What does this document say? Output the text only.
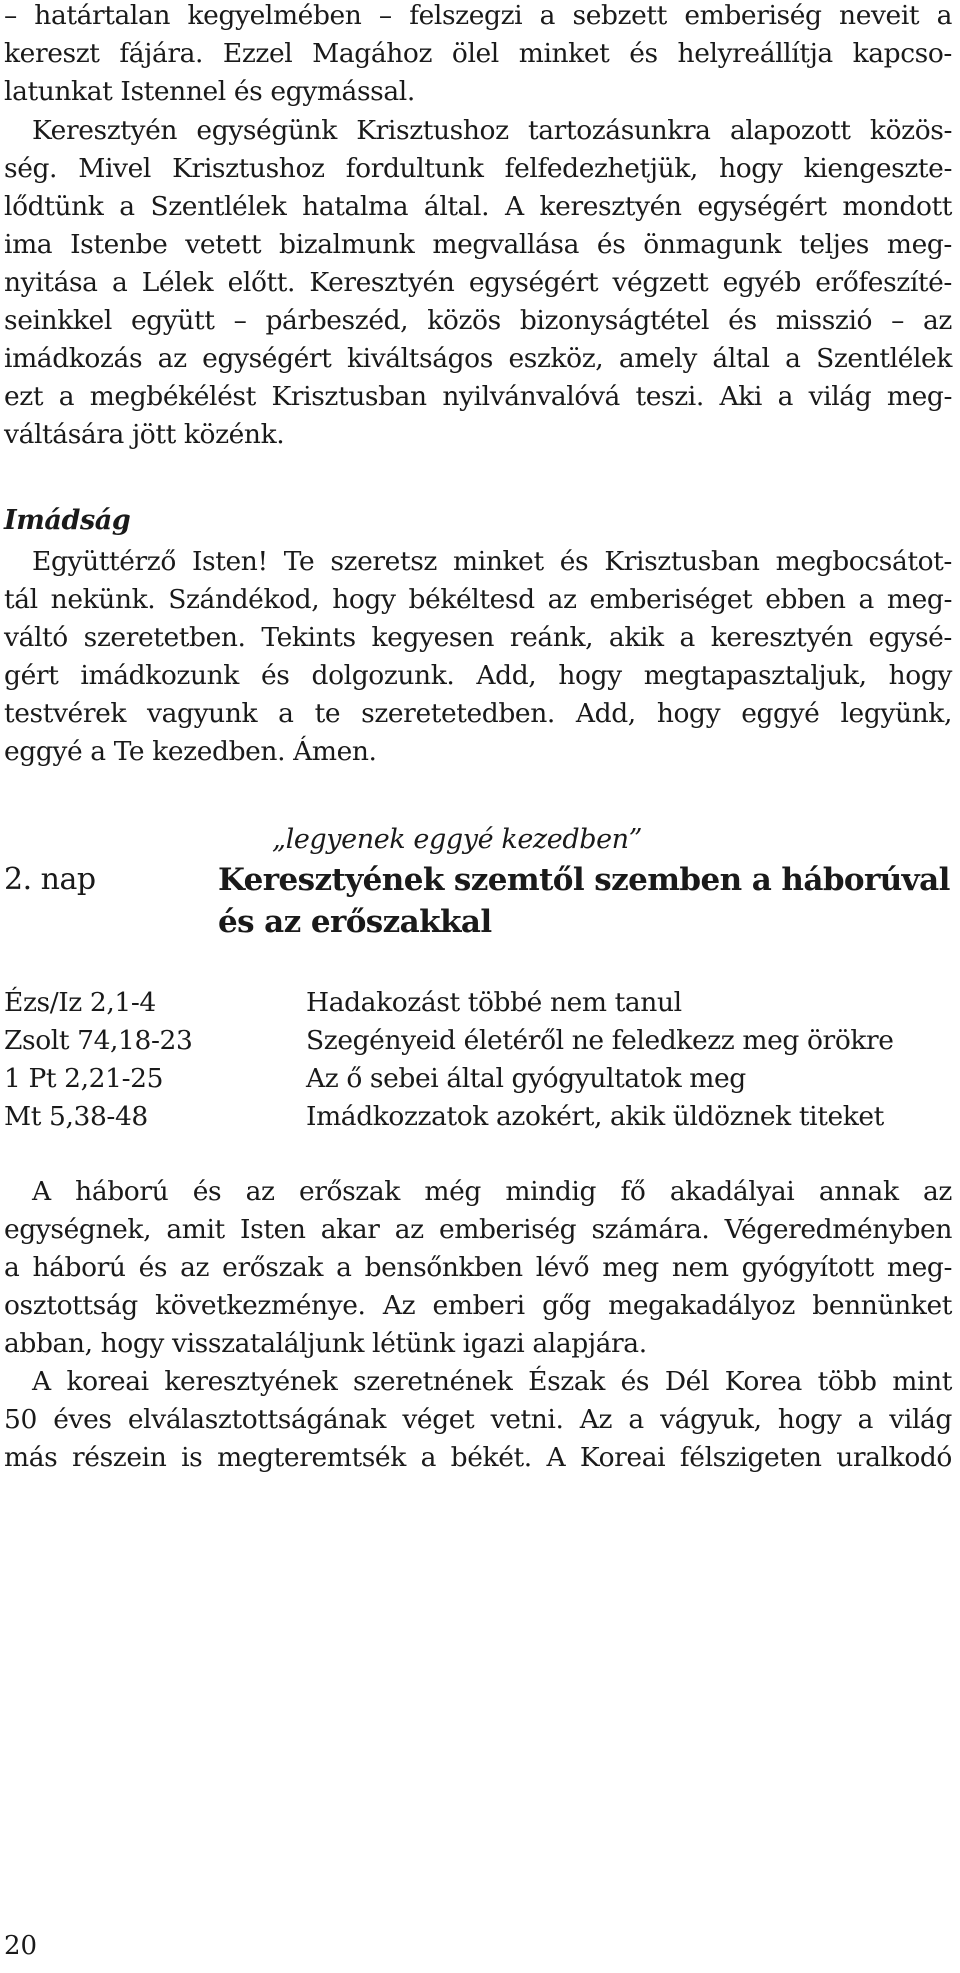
– határtalan kegyelmében – felszegzi a sebzett emberiség neveit a
kereszt fájára. Ezzel Magához ölel minket és helyreállítja kapcso-
latunkat Istennel és egymással.
Keresztyén egységünk Krisztushoz tartozásunkra alapozott közös-
ség. Mivel Krisztushoz fordultunk felfedezhetjük, hogy kiengeszte-
lődtünk a Szentlélek hatalma által. A keresztyén egységért mondott
ima Istenbe vetett bizalmunk megvallása és önmagunk teljes meg-
nyitása a Lélek előtt. Keresztyén egységért végzett egyéb erőfeszíté-
seinkkel együtt – párbeszéd, közös bizonyságtétel és misszió – az
imádkozás az egységért kiváltságos eszköz, amely által a Szentlélek
ezt a megbékélést Krisztusban nyilvánvalóvá teszi. Aki a világ meg-
váltására jött közénk.
Imádság
Együttérző Isten! Te szeretsz minket és Krisztusban megbocsátot-
tál nekünk. Szándékod, hogy békéltesd az emberiséget ebben a meg-
váltó szeretetben. Tekints kegyesen reánk, akik a keresztyén egysé-
gért imádkozunk és dolgozunk. Add, hogy megtapasztaljuk, hogy
testvérek vagyunk a te szeretetedben. Add, hogy eggyé legyünk,
eggyé a Te kezedben. Ámen.
„legyenek eggyé kezedben”
2. nap	Keresztyének szemtől szemben a háborúval
és az erőszakkal
Ézs/Iz 2,1-4	Hadakozást többé nem tanul
Zsolt 74,18-23	Szegényeid életéről ne feledkezz meg örökre
1 Pt 2,21-25	Az ő sebei által gyógyultatok meg
Mt 5,38-48	Imádkozzatok azokért, akik üldöznek titeket
A háború és az erőszak még mindig fő akadályai annak az
egységnek, amit Isten akar az emberiség számára. Végeredményben
a háború és az erőszak a bensőnkben lévő meg nem gyógyított meg-
osztottság következménye. Az emberi gőg megakadályoz bennünket
abban, hogy visszataláljunk létünk igazi alapjára.
A koreai keresztyének szeretnének Észak és Dél Korea több mint
50 éves elválasztottságának véget vetni. Az a vágyuk, hogy a világ
más részein is megteremtsék a békét. A Koreai félszigeten uralkodó
20
